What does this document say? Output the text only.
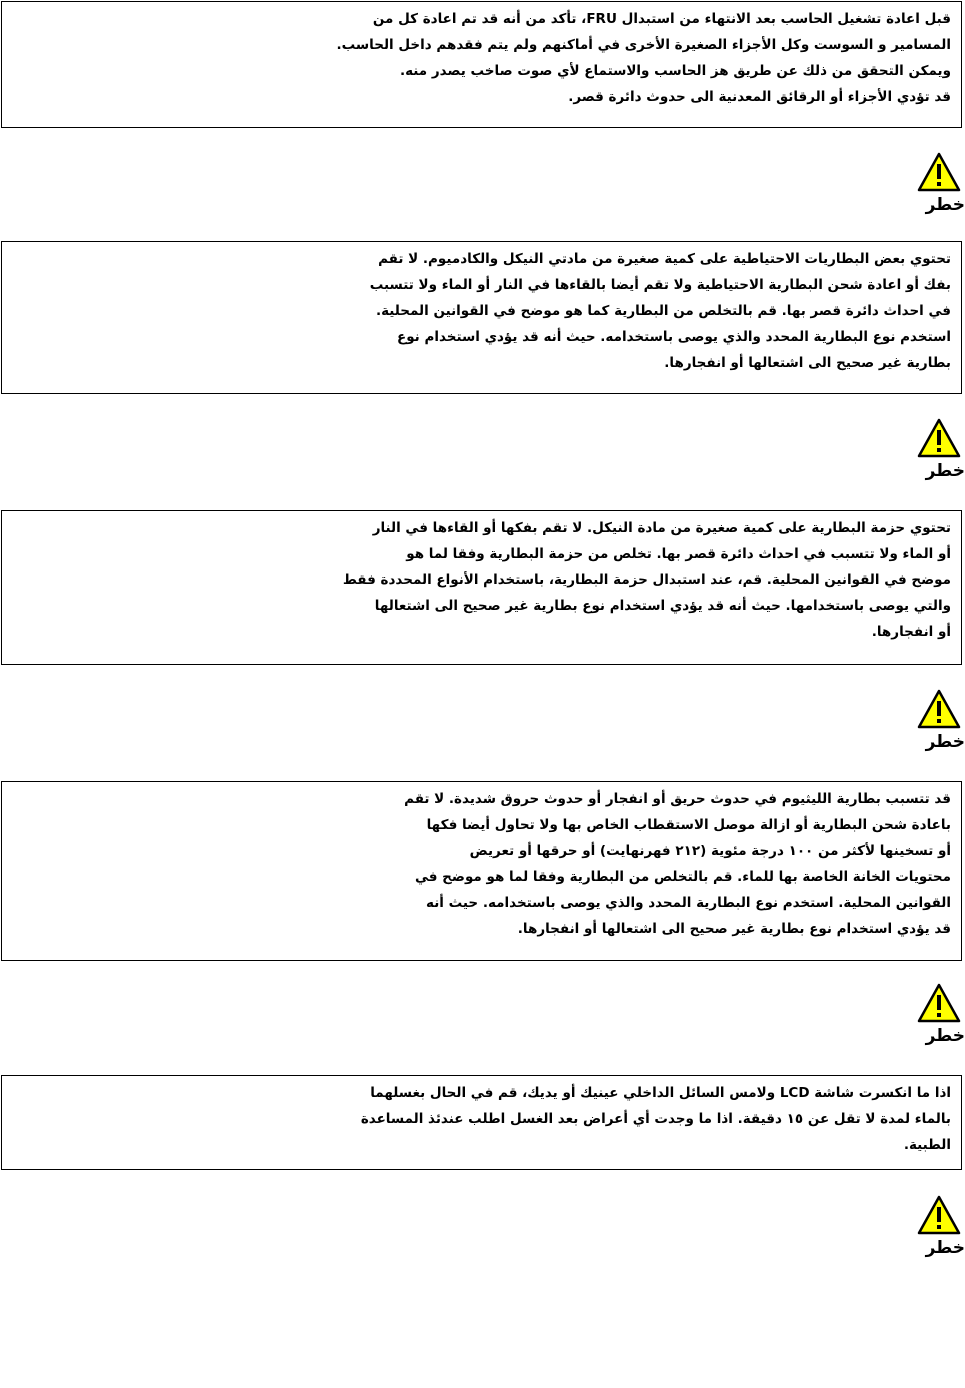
قبل اعادة تشغيل الحاسب بعد الانتهاء من استبدال FRU، تأكد من أنه قد تم اعادة كل من
المسامير و السوست وكل الأجزاء الصغيرة الأخرى في أماكنهم ولم يتم فقدهم داخل الحاسب.
ويمكن التحقق من ذلك عن طريق هز الحاسب والاستماع لأي صوت صاخب يصدر منه.
قد تؤدي الأجزاء أو الرقائق المعدنية الى حدوث دائرة قصر.
خطر
تحتوي بعض البطاريات الاحتياطية على كمية صغيرة من مادتي النيكل والكادميوم. لا تقم
بفك أو اعادة شحن البطارية الاحتياطية ولا تقم أيضا بالقاءها في النار أو الماء ولا تتسبب
في احداث دائرة قصر بها. قم بالتخلص من البطارية كما هو موضح في القوانين المحلية.
استخدم نوع البطارية المحدد والذي يوصى باستخدامه. حيث أنه قد يؤدي استخدام نوع
بطارية غير صحيح الى اشتعالها أو انفجارها.
خطر
تحتوي حزمة البطارية على كمية صغيرة من مادة النيكل. لا تقم بفكها أو القاءها في النار
أو الماء ولا تتسبب في احداث دائرة قصر بها. تخلص من حزمة البطارية وفقا لما هو
موضح في القوانين المحلية. قم، عند استبدال حزمة البطارية، باستخدام الأنواع المحددة فقط
والتي يوصى باستخدامها. حيث أنه قد يؤدي استخدام نوع بطارية غير صحيح الى اشتعالها
أو انفجارها.
خطر
قد تتسبب بطارية الليثيوم في حدوث حريق أو انفجار أو حدوث حروق شديدة. لا تقم
باعادة شحن البطارية أو ازالة موصل الاستقطاب الخاص بها ولا تحاول أيضا فكها
أو تسخينها لأكثر من ١٠٠ درجة مئوية (٢١٢ فهرنهايت) أو حرقها أو تعريض
محتويات الخانة الخاصة بها للماء. قم بالتخلص من البطارية وفقا لما هو موضح في
القوانين المحلية. استخدم نوع البطارية المحدد والذي يوصى باستخدامه. حيث أنه
قد يؤدي استخدام نوع بطارية غير صحيح الى اشتعالها أو انفجارها.
خطر
اذا ما انكسرت شاشة LCD ولامس السائل الداخلي عينيك أو يديك، قم في الحال بغسلهما
بالماء لمدة لا تقل عن ١٥ دقيقة. اذا ما وجدت أي أعراض بعد الغسل اطلب عندئذ المساعدة
الطبية.
خطر
